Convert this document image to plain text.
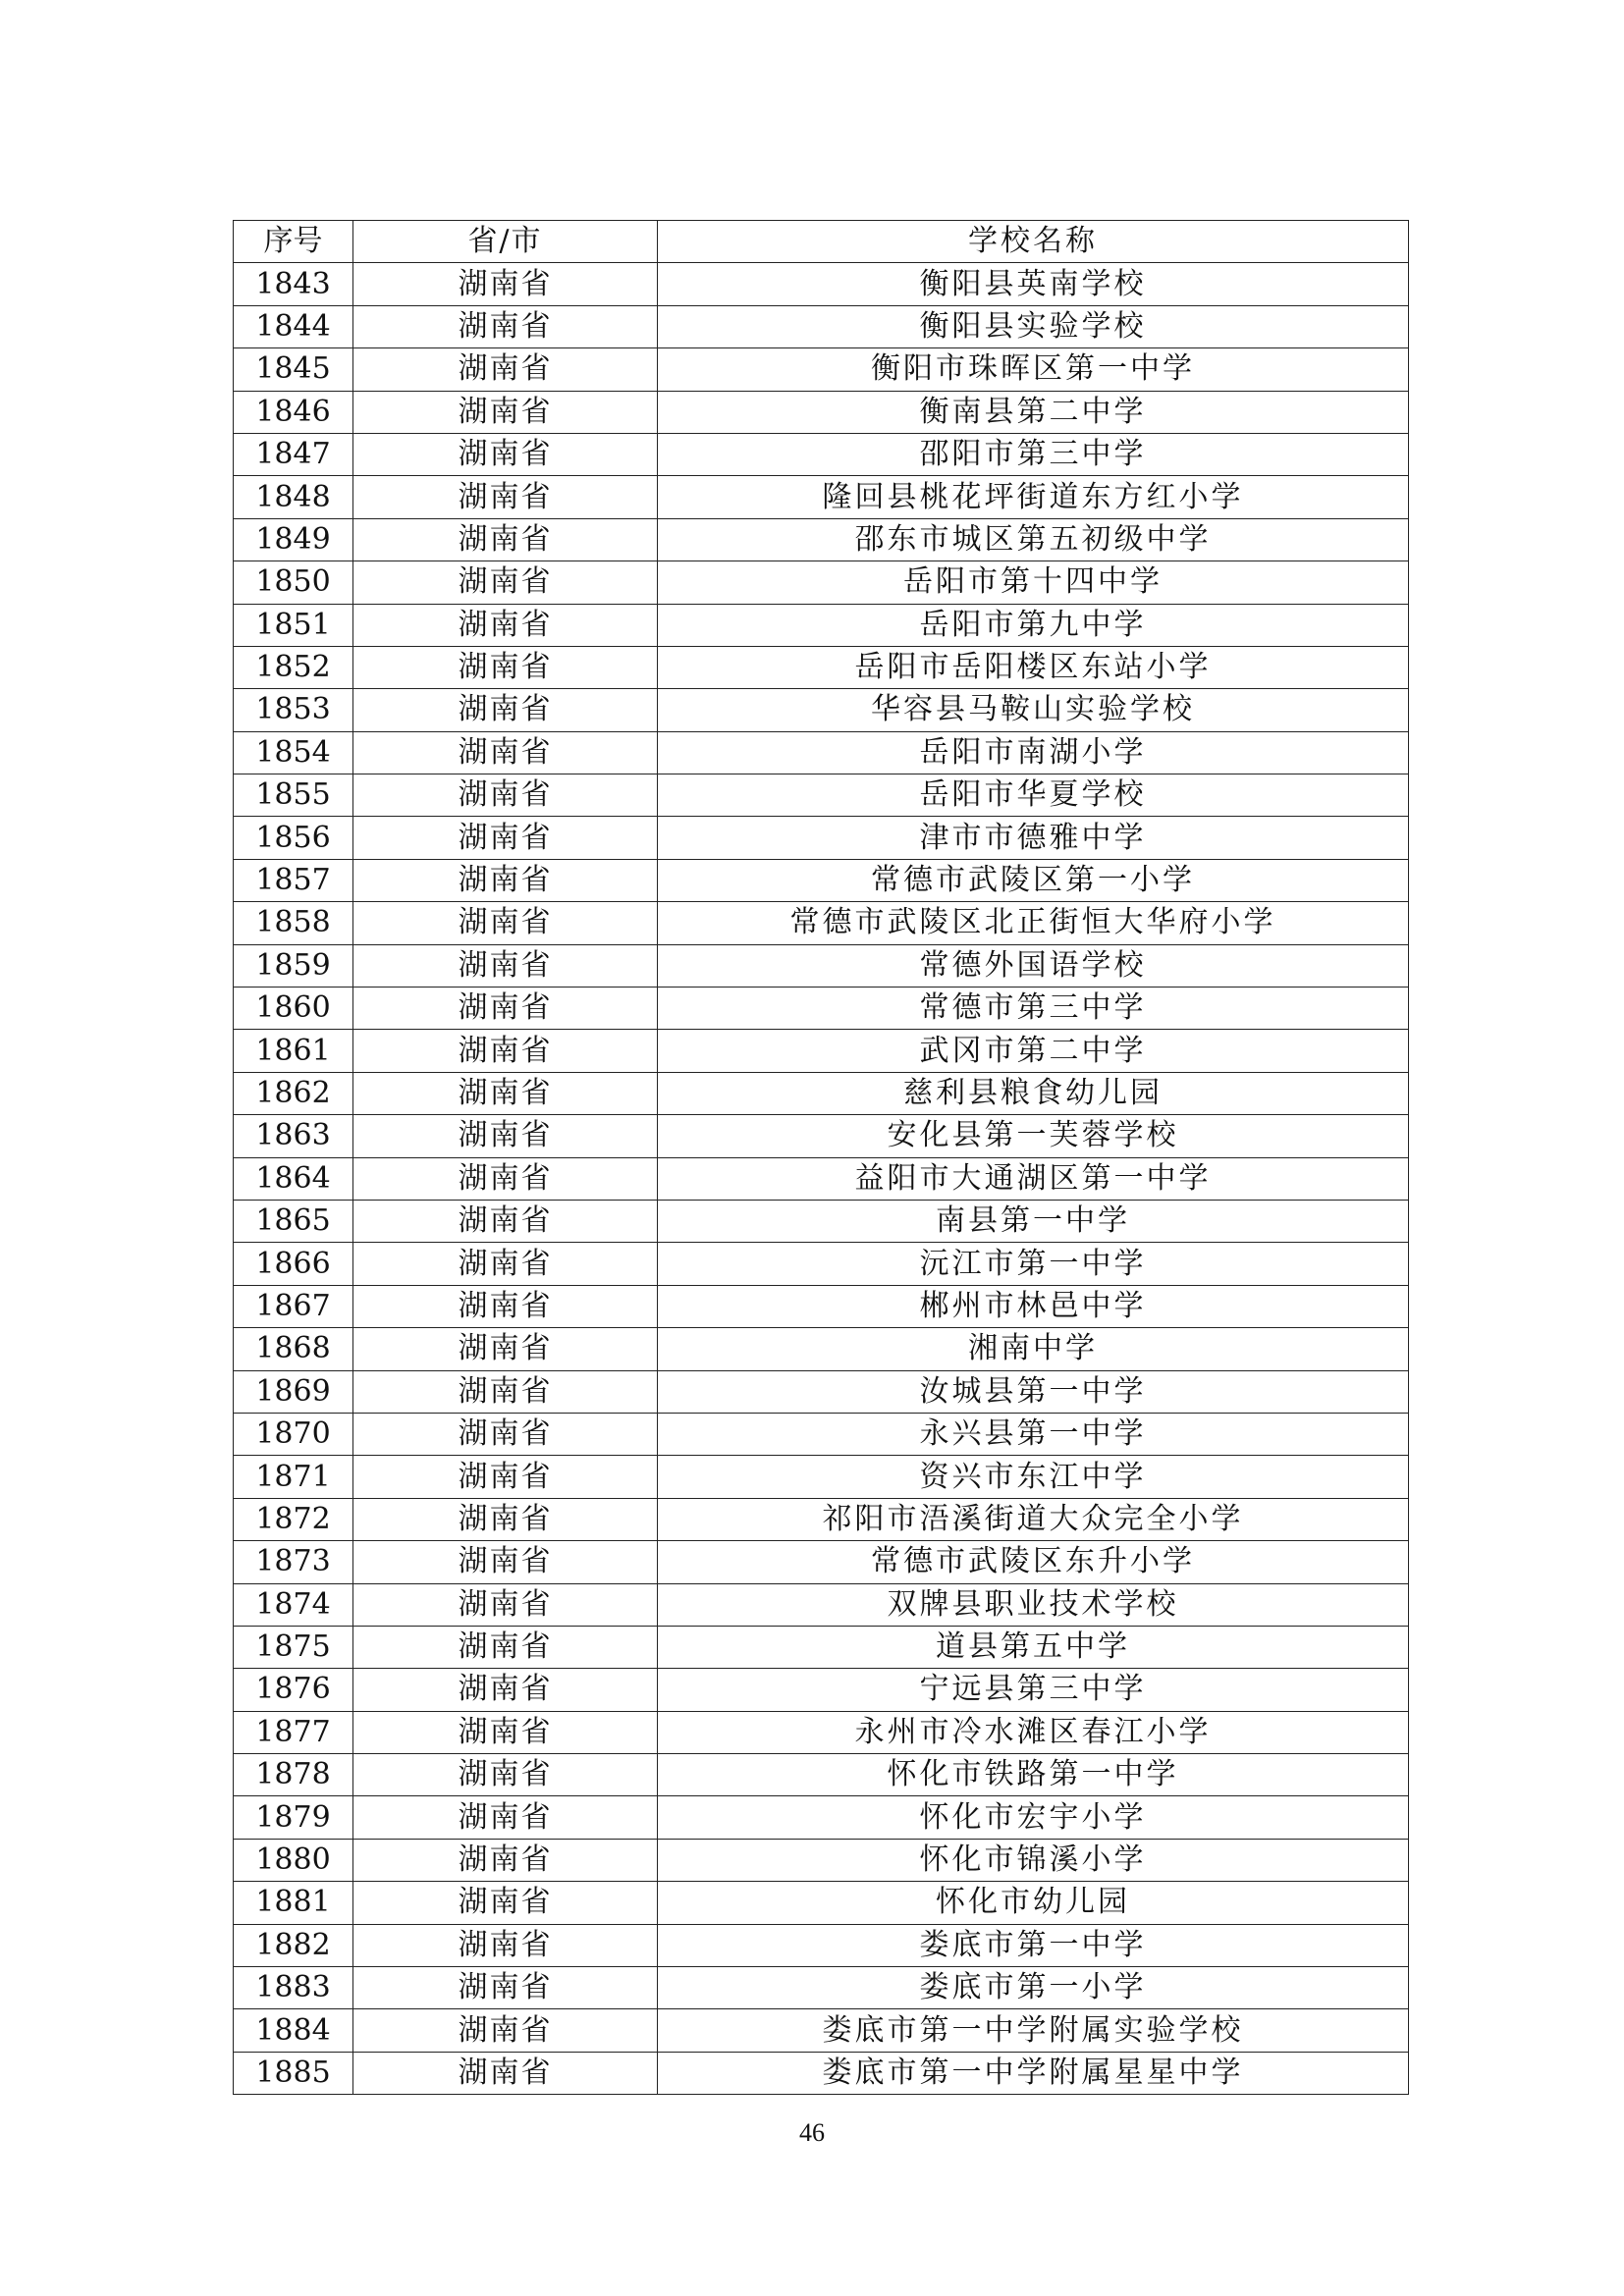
序号	省/市	学校名称
1843	湖南省	衡阳县英南学校
1844	湖南省	衡阳县实验学校
1845	湖南省	衡阳市珠晖区第一中学
1846	湖南省	衡南县第二中学
1847	湖南省	邵阳市第三中学
1848	湖南省	隆回县桃花坪街道东方红小学
1849	湖南省	邵东市城区第五初级中学
1850	湖南省	岳阳市第十四中学
1851	湖南省	岳阳市第九中学
1852	湖南省	岳阳市岳阳楼区东站小学
1853	湖南省	华容县马鞍山实验学校
1854	湖南省	岳阳市南湖小学
1855	湖南省	岳阳市华夏学校
1856	湖南省	津市市德雅中学
1857	湖南省	常德市武陵区第一小学
1858	湖南省	常德市武陵区北正街恒大华府小学
1859	湖南省	常德外国语学校
1860	湖南省	常德市第三中学
1861	湖南省	武冈市第二中学
1862	湖南省	慈利县粮食幼儿园
1863	湖南省	安化县第一芙蓉学校
1864	湖南省	益阳市大通湖区第一中学
1865	湖南省	南县第一中学
1866	湖南省	沅江市第一中学
1867	湖南省	郴州市林邑中学
1868	湖南省	湘南中学
1869	湖南省	汝城县第一中学
1870	湖南省	永兴县第一中学
1871	湖南省	资兴市东江中学
1872	湖南省	祁阳市浯溪街道大众完全小学
1873	湖南省	常德市武陵区东升小学
1874	湖南省	双牌县职业技术学校
1875	湖南省	道县第五中学
1876	湖南省	宁远县第三中学
1877	湖南省	永州市冷水滩区春江小学
1878	湖南省	怀化市铁路第一中学
1879	湖南省	怀化市宏宇小学
1880	湖南省	怀化市锦溪小学
1881	湖南省	怀化市幼儿园
1882	湖南省	娄底市第一中学
1883	湖南省	娄底市第一小学
1884	湖南省	娄底市第一中学附属实验学校
1885	湖南省	娄底市第一中学附属星星中学
46
